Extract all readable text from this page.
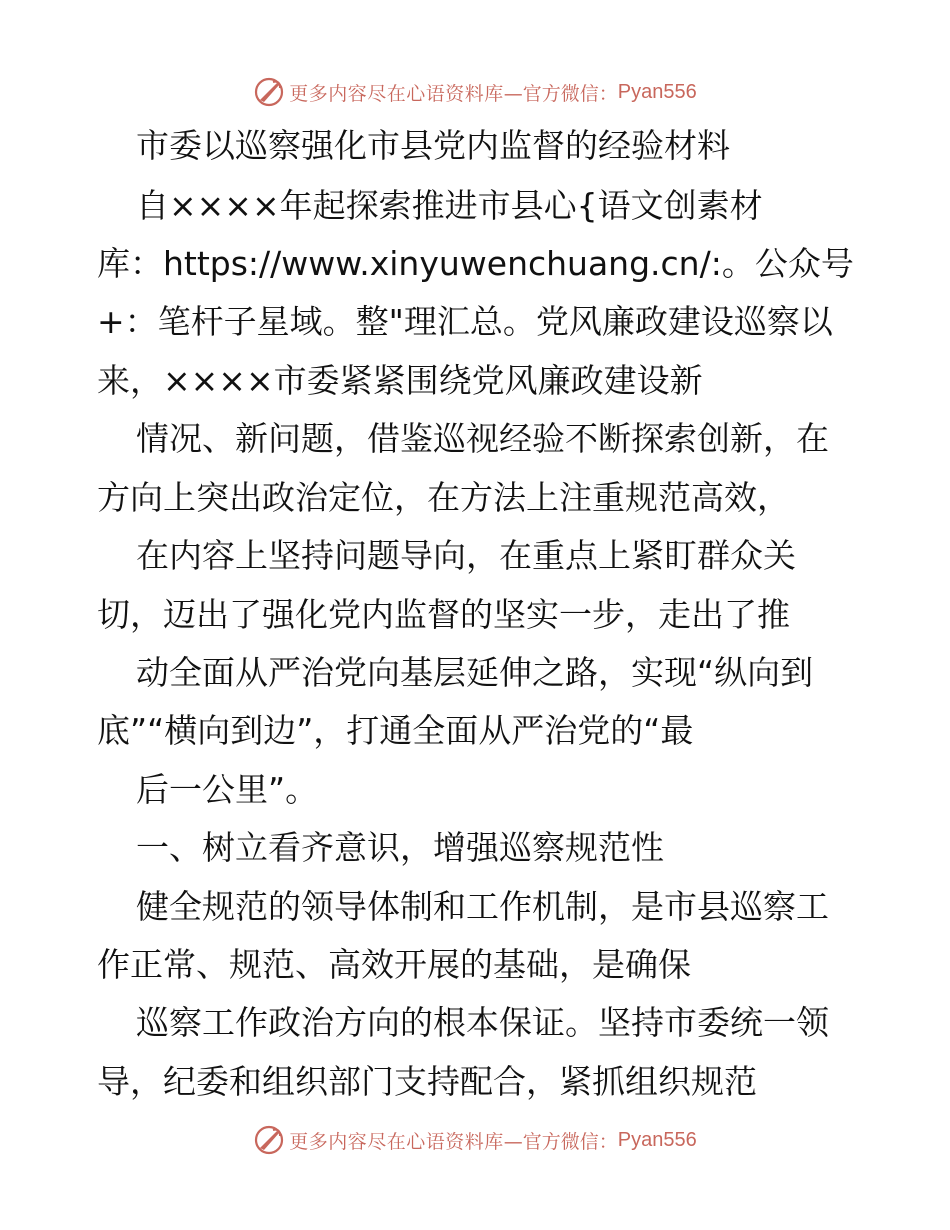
更多内容尽在心语资料库 —官方微信： Pyan556
市委以巡察强化市县党内监督的经验材料
自××××年起探索推进市县心{语文创素材
库：https://www.xinyuwenchuang.cn/:。公众号
+：笔杆子星域。整"理汇总。党风廉政建设巡察以
来，××××市委紧紧围绕党风廉政建设新
情况、新问题，借鉴巡视经验不断探索创新，在
方向上突出政治定位，在方法上注重规范高效，
在内容上坚持问题导向，在重点上紧盯群众关
切，迈出了强化党内监督的坚实一步，走出了推
动全面从严治党向基层延伸之路，实现“纵向到
底”“横向到边”，打通全面从严治党的“最
后一公里”。
一、树立看齐意识，增强巡察规范性
健全规范的领导体制和工作机制，是市县巡察工
作正常、规范、高效开展的基础，是确保
巡察工作政治方向的根本保证。坚持市委统一领
导，纪委和组织部门支持配合，紧抓组织规范
更多内容尽在心语资料库 —官方微信： Pyan556
